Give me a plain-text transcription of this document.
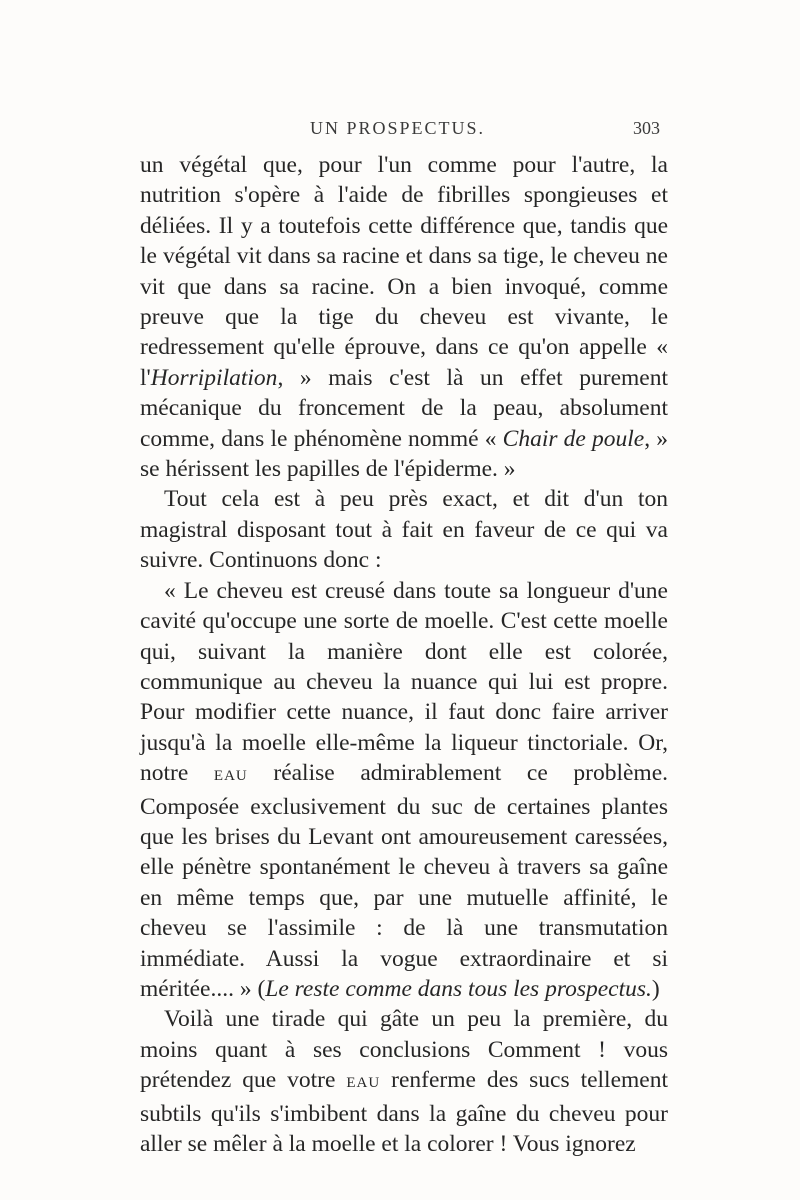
UN PROSPECTUS.	303

un végétal que, pour l'un comme pour l'autre, la nutrition s'opère à l'aide de fibrilles spongieuses et déliées. Il y a toutefois cette différence que, tandis que le végétal vit dans sa racine et dans sa tige, le cheveu ne vit que dans sa racine. On a bien invoqué, comme preuve que la tige du cheveu est vivante, le redressement qu'elle éprouve, dans ce qu'on appelle « l'Horripilation, » mais c'est là un effet purement mécanique du froncement de la peau, absolument comme, dans le phénomène nommé « Chair de poule, » se hérissent les papilles de l'épiderme. »

Tout cela est à peu près exact, et dit d'un ton magistral disposant tout à fait en faveur de ce qui va suivre. Continuons donc :

« Le cheveu est creusé dans toute sa longueur d'une cavité qu'occupe une sorte de moelle. C'est cette moelle qui, suivant la manière dont elle est colorée, communique au cheveu la nuance qui lui est propre. Pour modifier cette nuance, il faut donc faire arriver jusqu'à la moelle elle-même la liqueur tinctoriale. Or, notre EAU réalise admirablement ce problème. Composée exclusivement du suc de certaines plantes que les brises du Levant ont amoureusement caressées, elle pénètre spontanément le cheveu à travers sa gaîne en même temps que, par une mutuelle affinité, le cheveu se l'assimile : de là une transmutation immédiate. Aussi la vogue extraordinaire et si méritée.... » (Le reste comme dans tous les prospectus.)

Voilà une tirade qui gâte un peu la première, du moins quant à ses conclusions Comment ! vous prétendez que votre EAU renferme des sucs tellement subtils qu'ils s'imbibent dans la gaîne du cheveu pour aller se mêler à la moelle et la colorer ! Vous ignorez
